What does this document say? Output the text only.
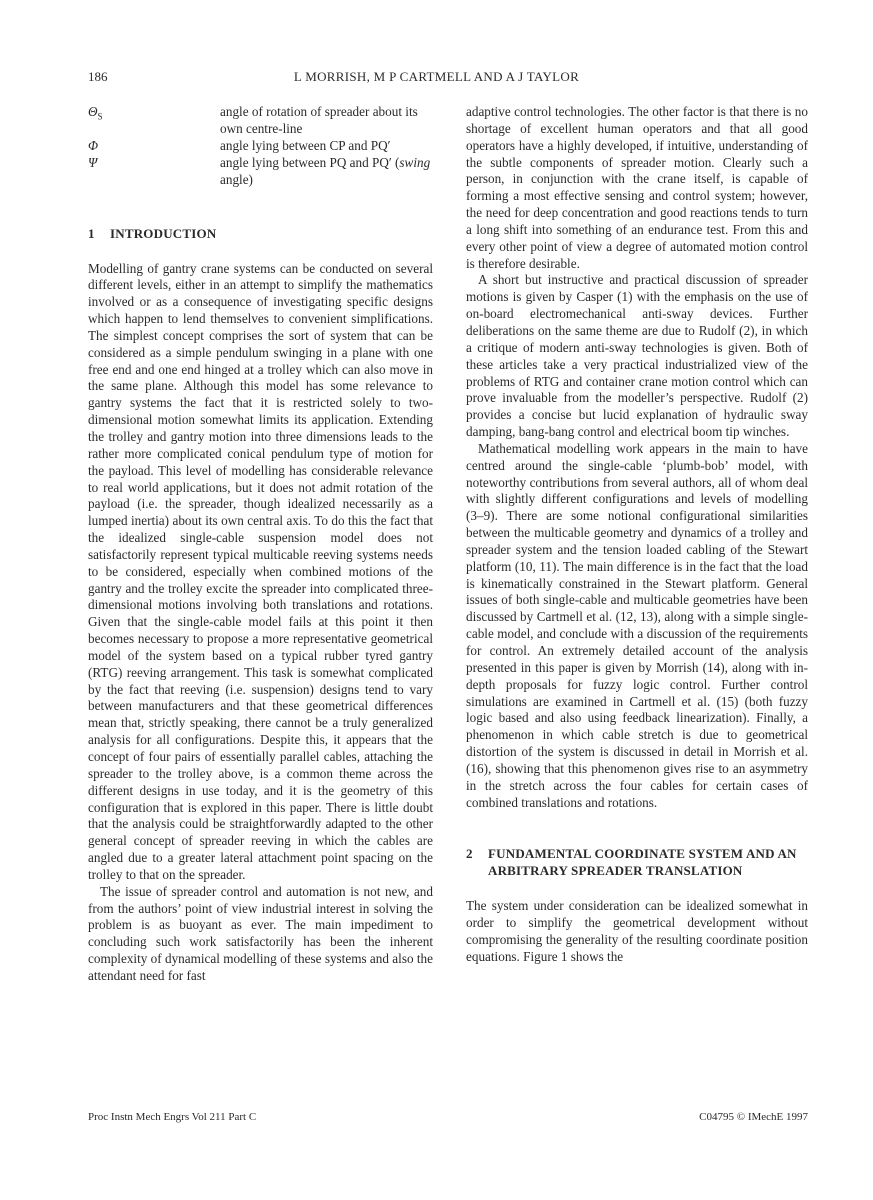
186	L MORRISH, M P CARTMELL AND A J TAYLOR
$\Theta_S$	angle of rotation of spreader about its own centre-line
Φ	angle lying between CP and PQ′
Ψ	angle lying between PQ and PQ′ (swing angle)
1 INTRODUCTION

Modelling of gantry crane systems can be conducted on several different levels, either in an attempt to simplify the mathematics involved or as a consequence of investigating specific designs which happen to lend themselves to convenient simplifications. The simplest concept comprises the sort of system that can be considered as a simple pendulum swinging in a plane with one free end and one end hinged at a trolley which can also move in the same plane. Although this model has some relevance to gantry systems the fact that it is restricted solely to two-dimensional motion somewhat limits its application. Extending the trolley and gantry motion into three dimensions leads to the rather more complicated conical pendulum type of motion for the payload. This level of modelling has considerable relevance to real world applications, but it does not admit rotation of the payload (i.e. the spreader, though idealized necessarily as a lumped inertia) about its own central axis. To do this the fact that the idealized single-cable suspension model does not satisfactorily represent typical multicable reeving systems needs to be considered, especially when combined motions of the gantry and the trolley excite the spreader into complicated three-dimensional motions involving both translations and rotations. Given that the single-cable model fails at this point it then becomes necessary to propose a more representative geometrical model of the system based on a typical rubber tyred gantry (RTG) reeving arrangement. This task is somewhat complicated by the fact that reeving (i.e. suspension) designs tend to vary between manufacturers and that these geometrical differences mean that, strictly speaking, there cannot be a truly generalized analysis for all configurations. Despite this, it appears that the concept of four pairs of essentially parallel cables, attaching the spreader to the trolley above, is a common theme across the different designs in use today, and it is the geometry of this configuration that is explored in this paper. There is little doubt that the analysis could be straightforwardly adapted to the other general concept of spreader reeving in which the cables are angled due to a greater lateral attachment point spacing on the trolley to that on the spreader.

The issue of spreader control and automation is not new, and from the authors’ point of view industrial interest in solving the problem is as buoyant as ever. The main impediment to concluding such work satisfactorily has been the inherent complexity of dynamical modelling of these systems and also the attendant need for fast

adaptive control technologies. The other factor is that there is no shortage of excellent human operators and that all good operators have a highly developed, if intuitive, understanding of the subtle components of spreader motion. Clearly such a person, in conjunction with the crane itself, is capable of forming a most effective sensing and control system; however, the need for deep concentration and good reactions tends to turn a long shift into something of an endurance test. From this and every other point of view a degree of automated motion control is therefore desirable.

A short but instructive and practical discussion of spreader motions is given by Casper (1) with the emphasis on the use of on-board electromechanical anti-sway devices. Further deliberations on the same theme are due to Rudolf (2), in which a critique of modern anti-sway technologies is given. Both of these articles take a very practical industrialized view of the problems of RTG and container crane motion control which can prove invaluable from the modeller’s perspective. Rudolf (2) provides a concise but lucid explanation of hydraulic sway damping, bang-bang control and electrical boom tip winches.

Mathematical modelling work appears in the main to have centred around the single-cable ‘plumb-bob’ model, with noteworthy contributions from several authors, all of whom deal with slightly different configurations and levels of modelling (3–9). There are some notional configurational similarities between the multicable geometry and dynamics of a trolley and spreader system and the tension loaded cabling of the Stewart platform (10, 11). The main difference is in the fact that the load is kinematically constrained in the Stewart platform. General issues of both single-cable and multicable geometries have been discussed by Cartmell et al. (12, 13), along with a simple single-cable model, and conclude with a discussion of the requirements for control. An extremely detailed account of the analysis presented in this paper is given by Morrish (14), along with in-depth proposals for fuzzy logic control. Further control simulations are examined in Cartmell et al. (15) (both fuzzy logic based and also using feedback linearization). Finally, a phenomenon in which cable stretch is due to geometrical distortion of the system is discussed in detail in Morrish et al. (16), showing that this phenomenon gives rise to an asymmetry in the stretch across the four cables for certain cases of combined translations and rotations.

2	FUNDAMENTAL COORDINATE SYSTEM AND AN ARBITRARY SPREADER TRANSLATION

The system under consideration can be idealized somewhat in order to simplify the geometrical development without compromising the generality of the resulting coordinate position equations. Figure 1 shows the

Proc Instn Mech Engrs Vol 211 Part C	C04795 © IMechE 1997
